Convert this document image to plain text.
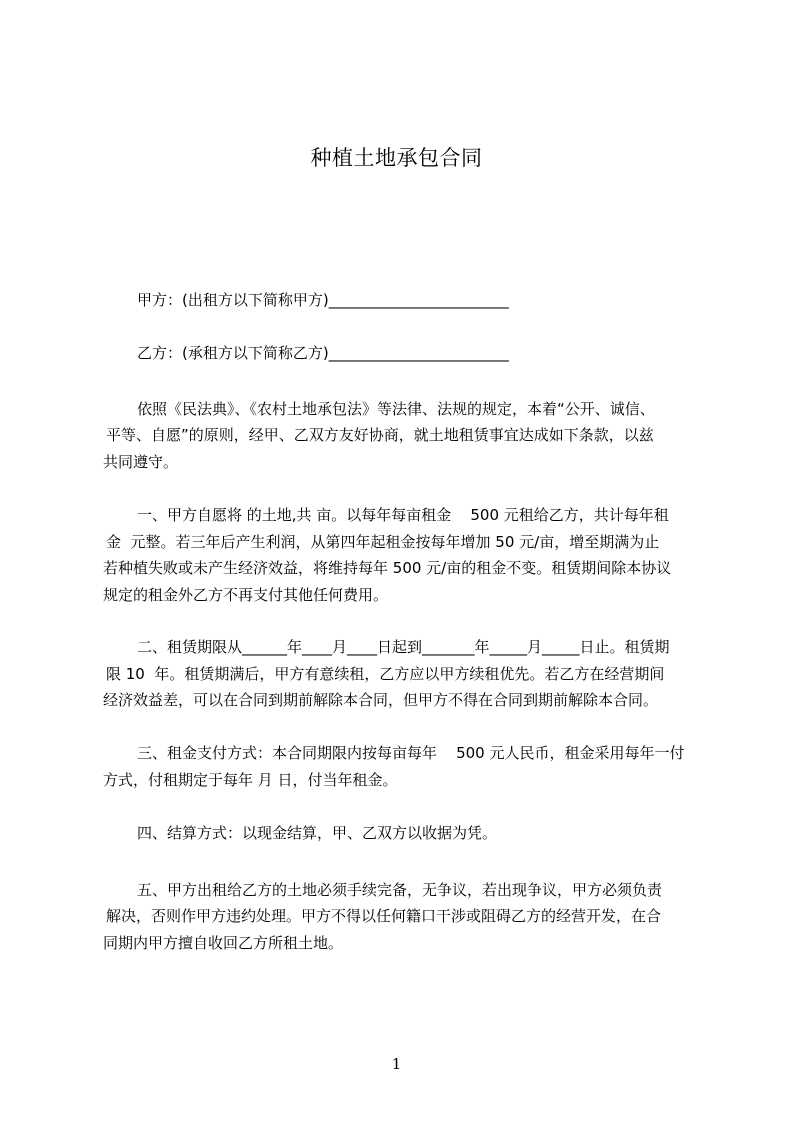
种植土地承包合同
甲方：(出租方以下简称甲方)________________________
乙方：(承租方以下简称乙方)________________________
依照《民法典》、《农村土地承包法》等法律、法规的规定，本着“公开、诚信、
平等、自愿”的原则，经甲、乙双方友好协商，就土地租赁事宜达成如下条款，以兹
共同遵守。
一、甲方自愿将 的土地,共 亩。以每年每亩租金    500 元租给乙方，共计每年租
金  元整。若三年后产生利润，从第四年起租金按每年增加 50 元/亩，增至期满为止
若种植失败或未产生经济效益，将维持每年 500 元/亩的租金不变。租赁期间除本协议
规定的租金外乙方不再支付其他任何费用。
二、租赁期限从______年____月____日起到_______年_____月_____日止。租赁期
限 10  年。租赁期满后，甲方有意续租，乙方应以甲方续租优先。若乙方在经营期间
经济效益差，可以在合同到期前解除本合同，但甲方不得在合同到期前解除本合同。
三、租金支付方式：本合同期限内按每亩每年    500 元人民币，租金采用每年一付
方式，付租期定于每年 月 日，付当年租金。
四、结算方式：以现金结算，甲、乙双方以收据为凭。
五、甲方出租给乙方的土地必须手续完备，无争议，若出现争议，甲方必须负责
解决，否则作甲方违约处理。甲方不得以任何籍口干涉或阻碍乙方的经营开发，在合
同期内甲方擅自收回乙方所租土地。
1
